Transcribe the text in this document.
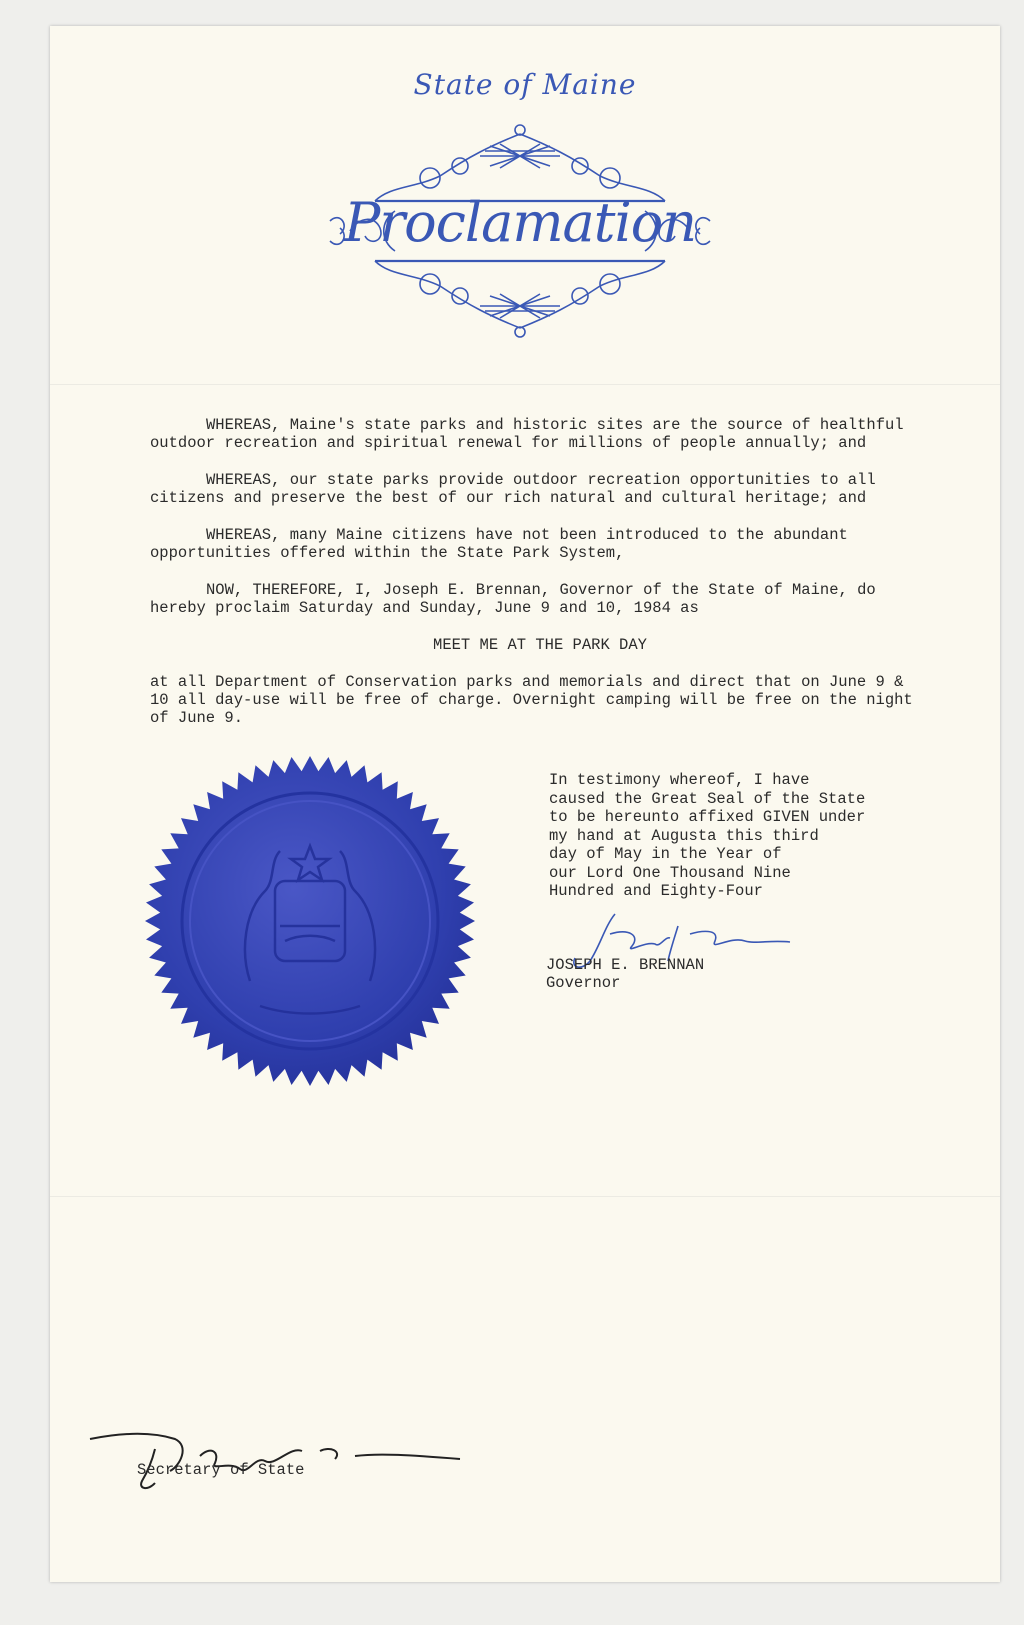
State of Maine
Proclamation

WHEREAS, Maine's state parks and historic sites are the source of healthful outdoor recreation and spiritual renewal for millions of people annually; and

WHEREAS, our state parks provide outdoor recreation opportunities to all citizens and preserve the best of our rich natural and cultural heritage; and

WHEREAS, many Maine citizens have not been introduced to the abundant opportunities offered within the State Park System,

NOW, THEREFORE, I, Joseph E. Brennan, Governor of the State of Maine, do hereby proclaim Saturday and Sunday, June 9 and 10, 1984 as

MEET ME AT THE PARK DAY

at all Department of Conservation parks and memorials and direct that on June 9 & 10 all day-use will be free of charge. Overnight camping will be free on the night of June 9.

In testimony whereof, I have
caused the Great Seal of the State
to be hereunto affixed GIVEN under
my hand at Augusta this third
day of May in the Year of
our Lord One Thousand Nine
Hundred and Eighty-Four
JOSEPH E. BRENNAN
Governor
Secretary of State
